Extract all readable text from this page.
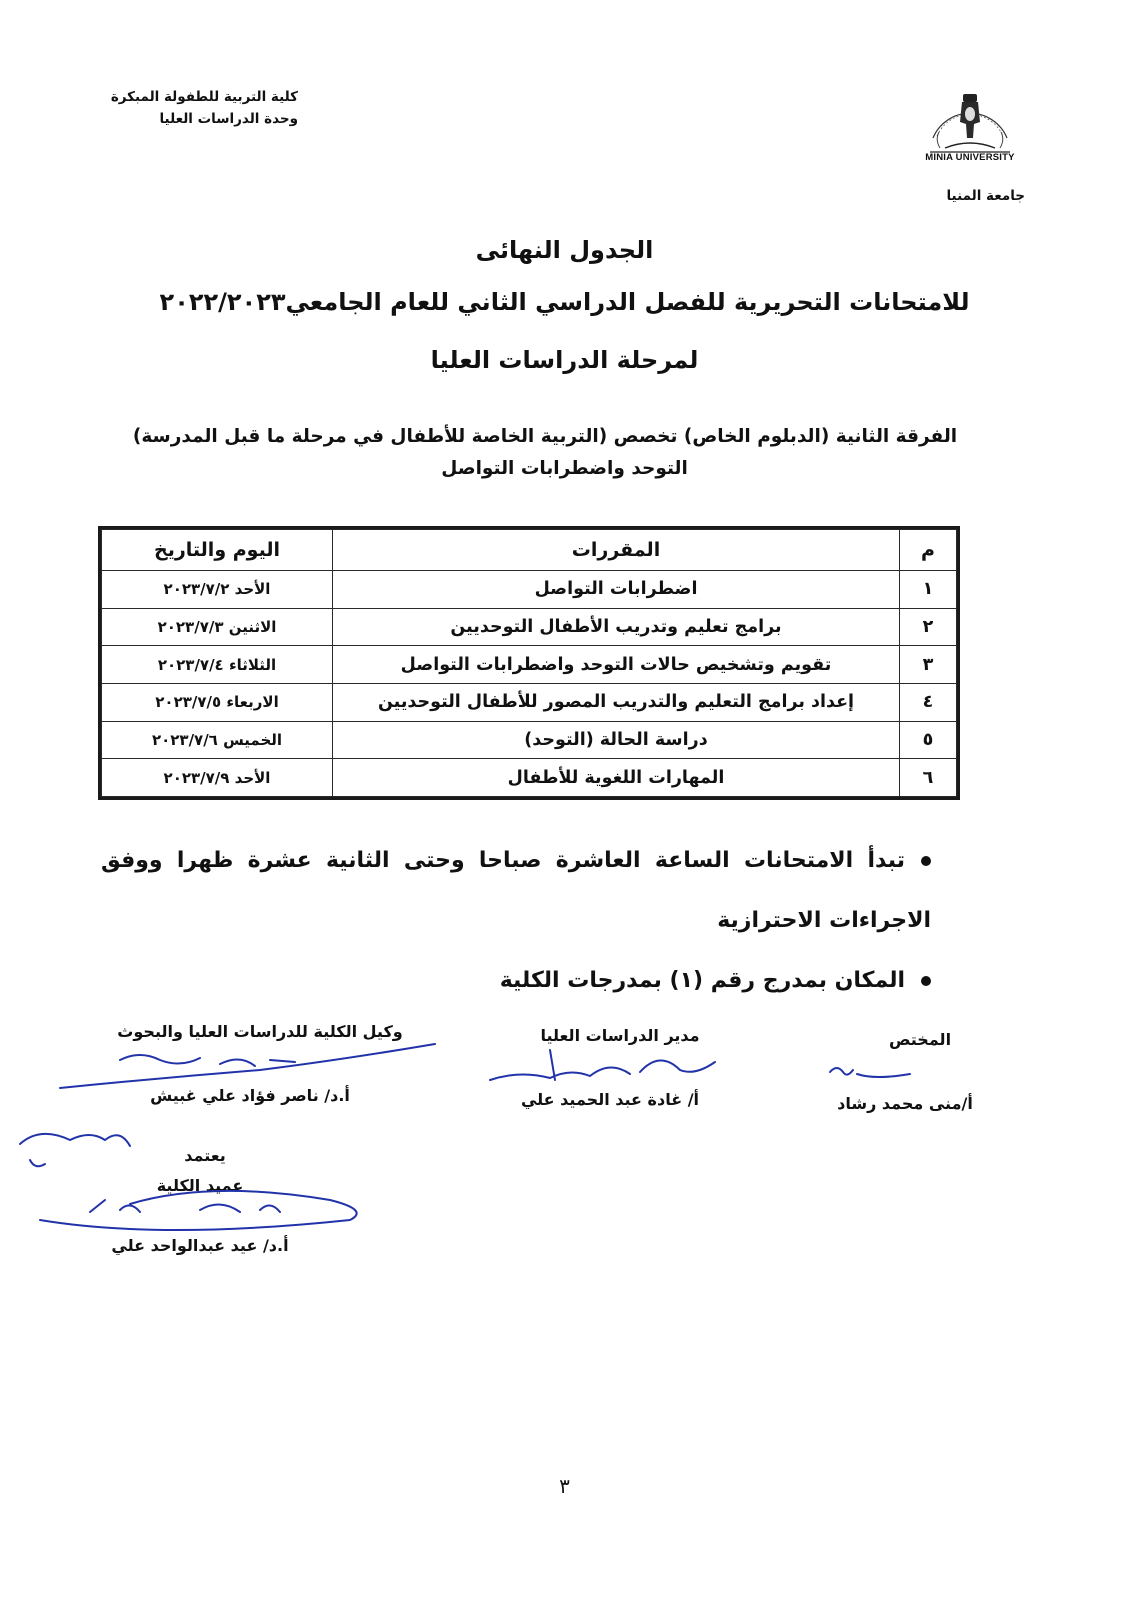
كلية التربية للطفولة المبكرة
وحدة الدراسات العليا
MINIA UNIVERSITY
جامعة المنيا
الجدول النهائى
للامتحانات التحريرية للفصل الدراسي الثاني للعام الجامعي٢٠٢٢/٢٠٢٣
لمرحلة الدراسات العليا
الفرقة الثانية (الدبلوم الخاص) تخصص (التربية الخاصة للأطفال في مرحلة ما قبل المدرسة)
التوحد واضطرابات التواصل
م	المقررات	اليوم والتاريخ
١	اضطرابات التواصل	الأحد ٢٠٢٣/٧/٢
٢	برامج تعليم وتدريب الأطفال التوحديين	الاثنين ٢٠٢٣/٧/٣
٣	تقويم وتشخيص حالات التوحد واضطرابات التواصل	الثلاثاء ٢٠٢٣/٧/٤
٤	إعداد برامج التعليم والتدريب المصور للأطفال التوحديين	الاربعاء ٢٠٢٣/٧/٥
٥	دراسة الحالة (التوحد)	الخميس ٢٠٢٣/٧/٦
٦	المهارات اللغوية للأطفال	الأحد ٢٠٢٣/٧/٩
تبدأ الامتحانات الساعة العاشرة صباحا وحتى الثانية عشرة ظهرا ووفق
الاجراءات الاحترازية
المكان بمدرج رقم (١) بمدرجات الكلية
المختص
أ/منى محمد رشاد
مدير الدراسات العليا
أ/ غادة عبد الحميد علي
وكيل الكلية للدراسات العليا والبحوث
أ.د/ ناصر فؤاد علي غبيش
يعتمد
عميد الكلية
أ.د/ عيد عبدالواحد علي
٣
